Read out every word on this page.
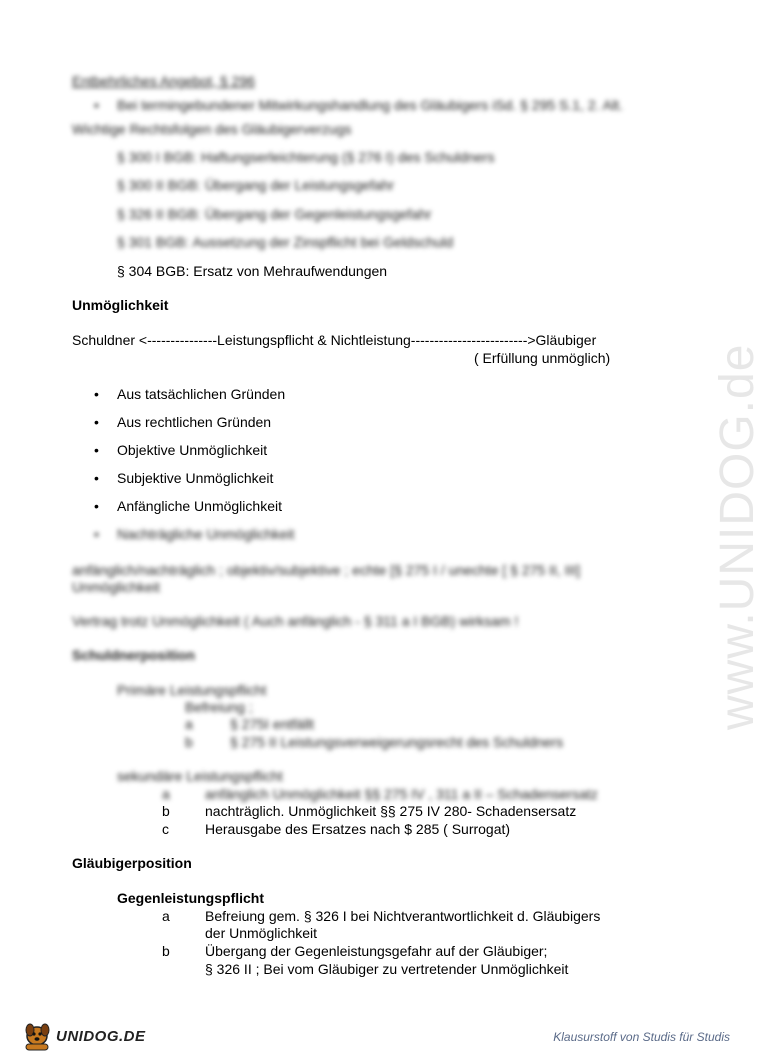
www.UNIDOG.de
Entbehrliches Angebot, § 296
• Bei termingebundener Mitwirkungshandlung des Gläubigers iSd. § 295 S.1, 2. Alt.
Wichtige Rechtsfolgen des Gläubigerverzugs
§ 300 I BGB: Haftungserleichterung (§ 276 I) des Schuldners
§ 300 II BGB: Übergang der Leistungsgefahr
§ 326 II BGB: Übergang der Gegenleistungsgefahr
§ 301 BGB: Aussetzung der Zinspflicht bei Geldschuld
§ 304 BGB: Ersatz von Mehraufwendungen
Unmöglichkeit
Schuldner <---------------Leistungspflicht & Nichtleistung------------------------->Gläubiger
( Erfüllung unmöglich)
• Aus tatsächlichen Gründen
• Aus rechtlichen Gründen
• Objektive Unmöglichkeit
• Subjektive Unmöglichkeit
• Anfängliche Unmöglichkeit
• Nachträgliche Unmöglichkeit
anfänglich/nachträglich ; objektiv/subjektive ; echte [§ 275 I / unechte [ § 275 II, III]
Unmöglichkeit
Vertrag trotz Unmöglichkeit ( Auch anfänglich - § 311 a I BGB) wirksam !
Schuldnerposition
Primäre Leistungspflicht
Befreiung ;
a	§ 275I entfällt
b	§ 275 II Leistungsverweigerungsrecht des Schuldners
sekundäre Leistungspflicht
a	anfänglich Unmöglichkeit §§ 275 IV , 311 a II – Schadensersatz
b	nachträglich. Unmöglichkeit §§ 275 IV 280- Schadensersatz
c	Herausgabe des Ersatzes nach $ 285 ( Surrogat)
Gläubigerposition
Gegenleistungspflicht
a	Befreiung gem. § 326 I bei Nichtverantwortlichkeit d. Gläubigers
der Unmöglichkeit
b	Übergang der Gegenleistungsgefahr auf der Gläubiger;
§ 326 II ; Bei vom Gläubiger zu vertretender Unmöglichkeit
UNIDOG.DE	Klausurstoff von Studis für Studis
